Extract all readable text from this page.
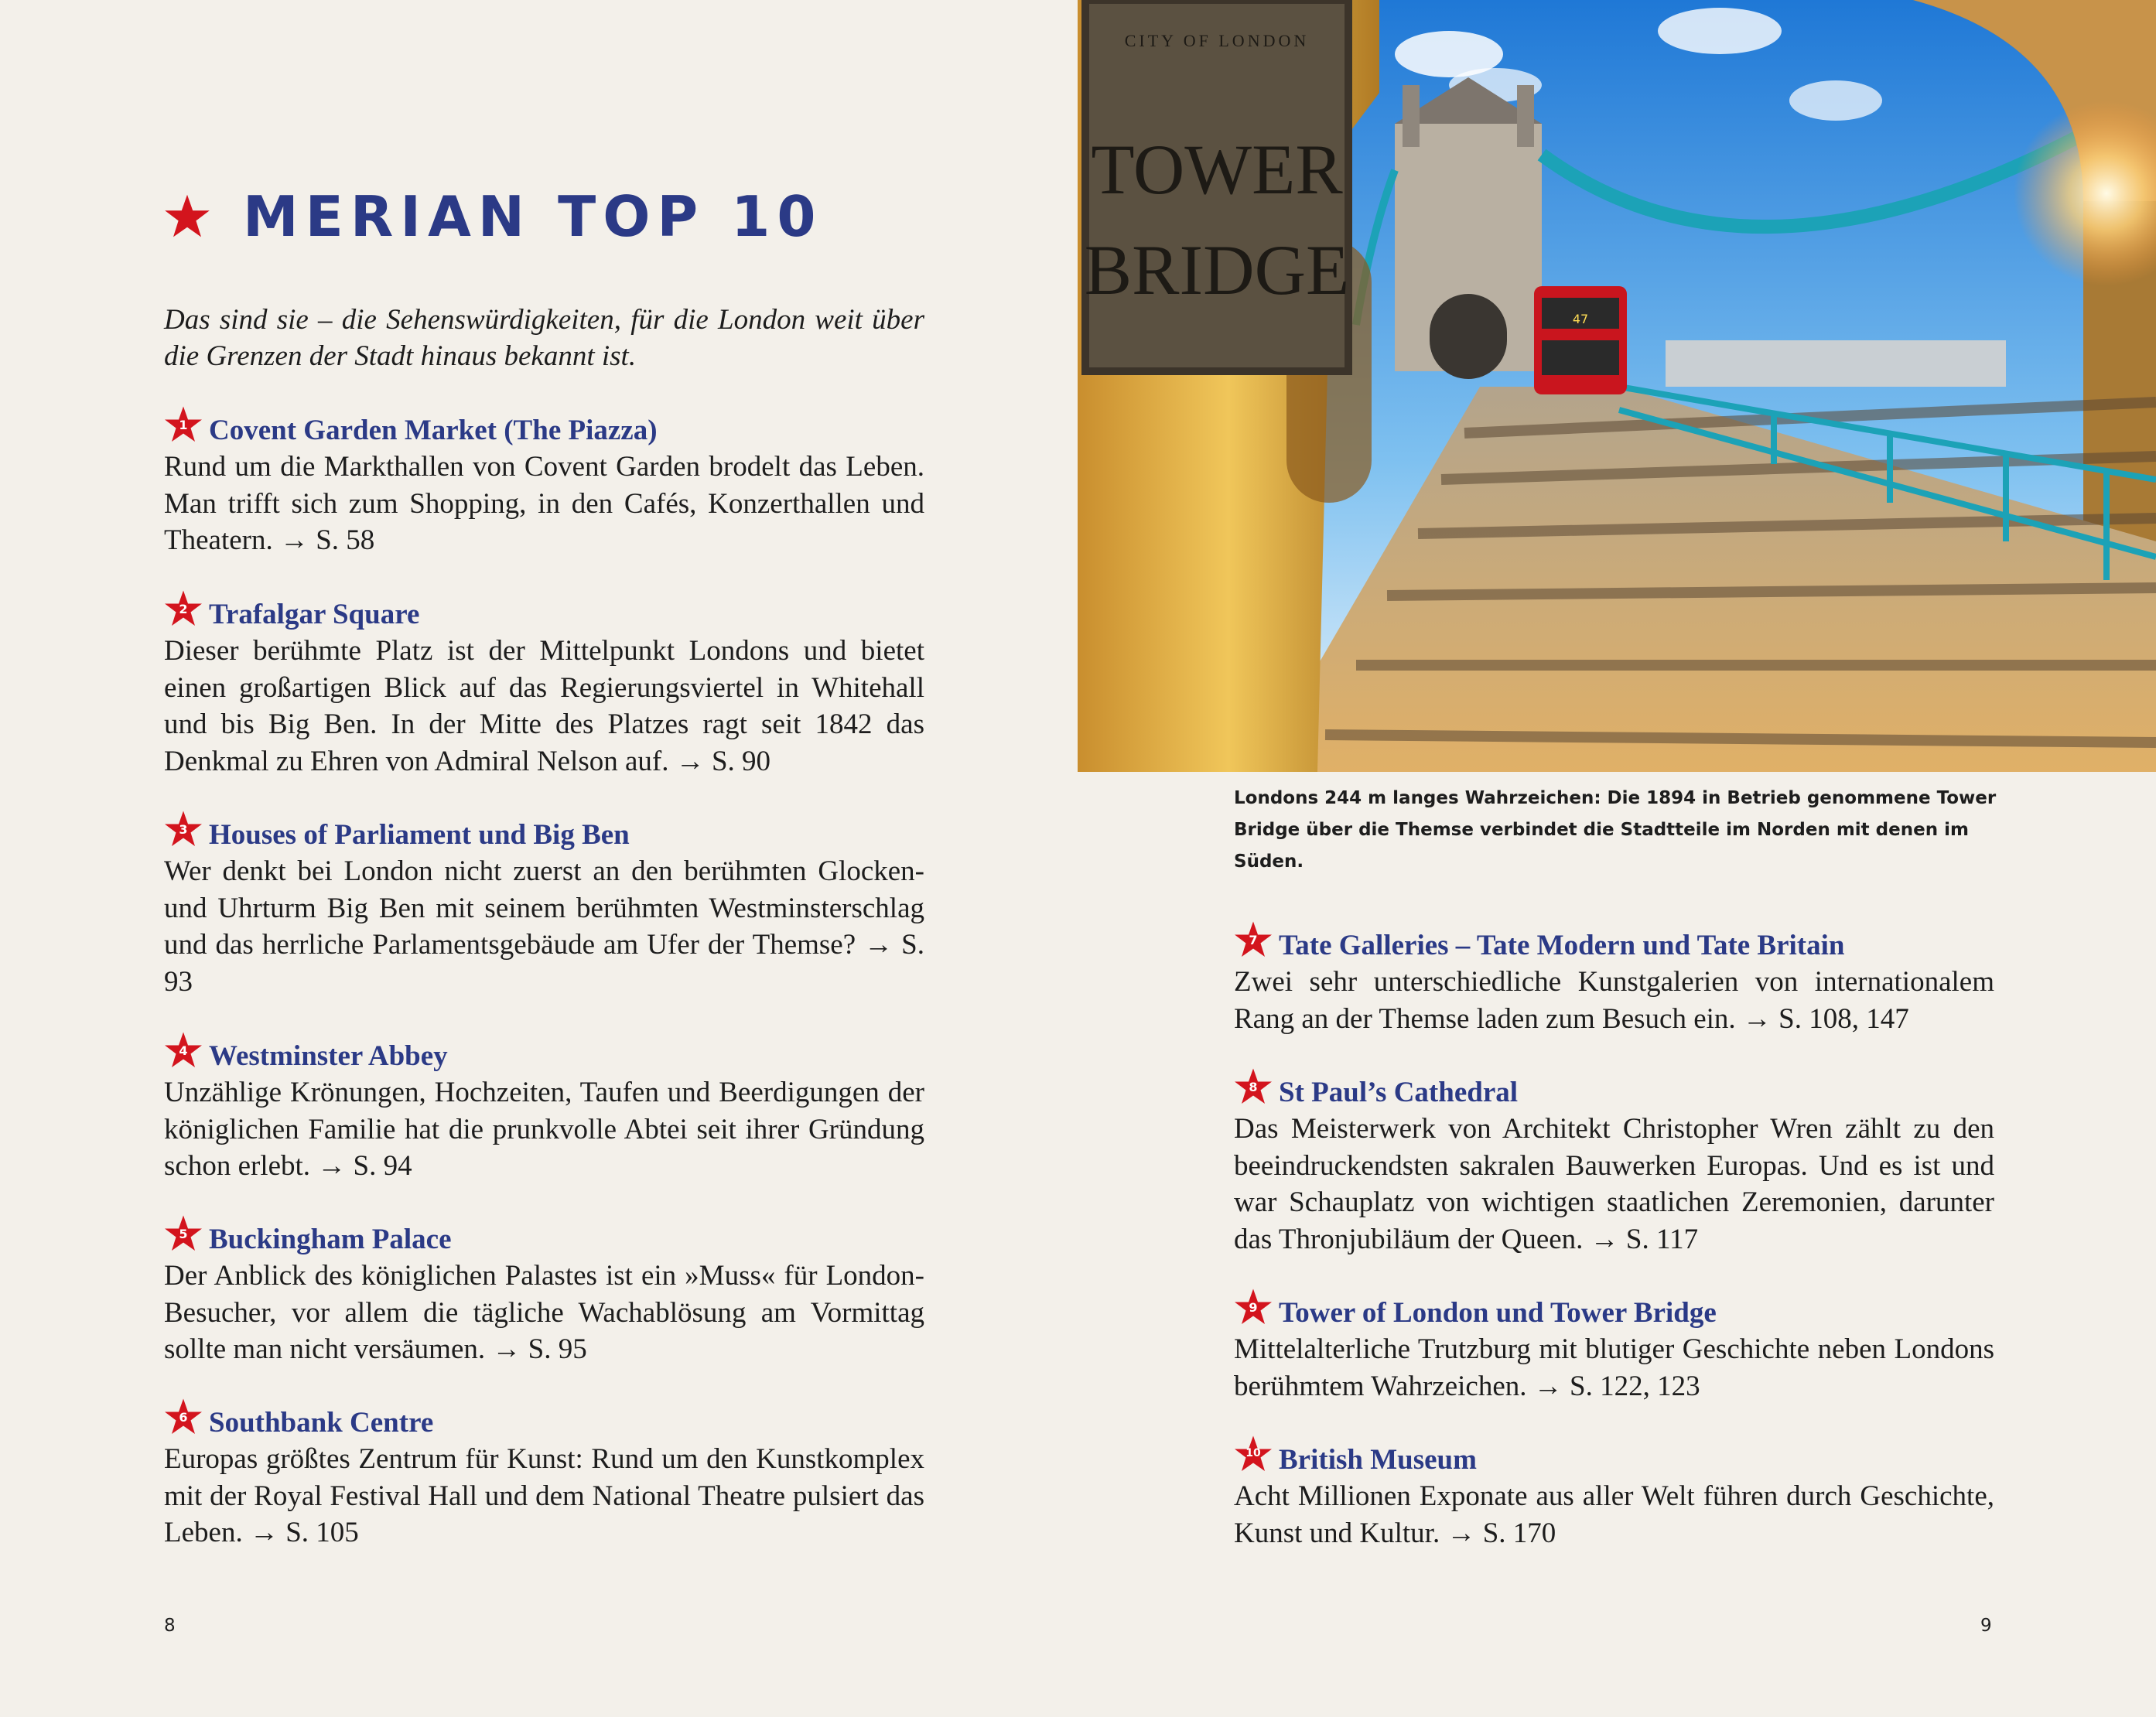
MERIAN TOP 10
Das sind sie – die Sehenswürdigkeiten, für die London weit über die Grenzen der Stadt hinaus bekannt ist.
1 Covent Garden Market (The Piazza)
Rund um die Markthallen von Covent Garden brodelt das Leben. Man trifft sich zum Shopping, in den Cafés, Konzerthallen und Theatern. → S. 58
2 Trafalgar Square
Dieser berühmte Platz ist der Mittelpunkt Londons und bietet einen großartigen Blick auf das Regierungsviertel in Whitehall und bis Big Ben. In der Mitte des Platzes ragt seit 1842 das Denkmal zu Ehren von Admiral Nelson auf. → S. 90
3 Houses of Parliament und Big Ben
Wer denkt bei London nicht zuerst an den berühmten Glocken- und Uhrturm Big Ben mit seinem berühmten Westminsterschlag und das herrliche Parlamentsgebäude am Ufer der Themse? → S. 93
4 Westminster Abbey
Unzählige Krönungen, Hochzeiten, Taufen und Beerdigungen der königlichen Familie hat die prunkvolle Abtei seit ihrer Gründung schon erlebt. → S. 94
5 Buckingham Palace
Der Anblick des königlichen Palastes ist ein »Muss« für London-Besucher, vor allem die tägliche Wachablösung am Vormittag sollte man nicht versäumen. → S. 95
6 Southbank Centre
Europas größtes Zentrum für Kunst: Rund um den Kunstkomplex mit der Royal Festival Hall und dem National Theatre pulsiert das Leben. → S. 105
47
CITY OF LONDON
TOWER
BRIDGE
Londons 244 m langes Wahrzeichen: Die 1894 in Betrieb genommene Tower
Bridge über die Themse verbindet die Stadtteile im Norden mit denen im Süden.
7 Tate Galleries – Tate Modern und Tate Britain
Zwei sehr unterschiedliche Kunstgalerien von internationalem Rang an der Themse laden zum Besuch ein. → S. 108, 147
8 St Paul’s Cathedral
Das Meisterwerk von Architekt Christopher Wren zählt zu den beeindruckendsten sakralen Bauwerken Europas. Und es ist und war Schauplatz von wichtigen staatlichen Zeremonien, darunter das Thronjubiläum der Queen. → S. 117
9 Tower of London und Tower Bridge
Mittelalterliche Trutzburg mit blutiger Geschichte neben Londons berühmtem Wahrzeichen. → S. 122, 123
10 British Museum
Acht Millionen Exponate aus aller Welt führen durch Geschichte, Kunst und Kultur. → S. 170
8	9
